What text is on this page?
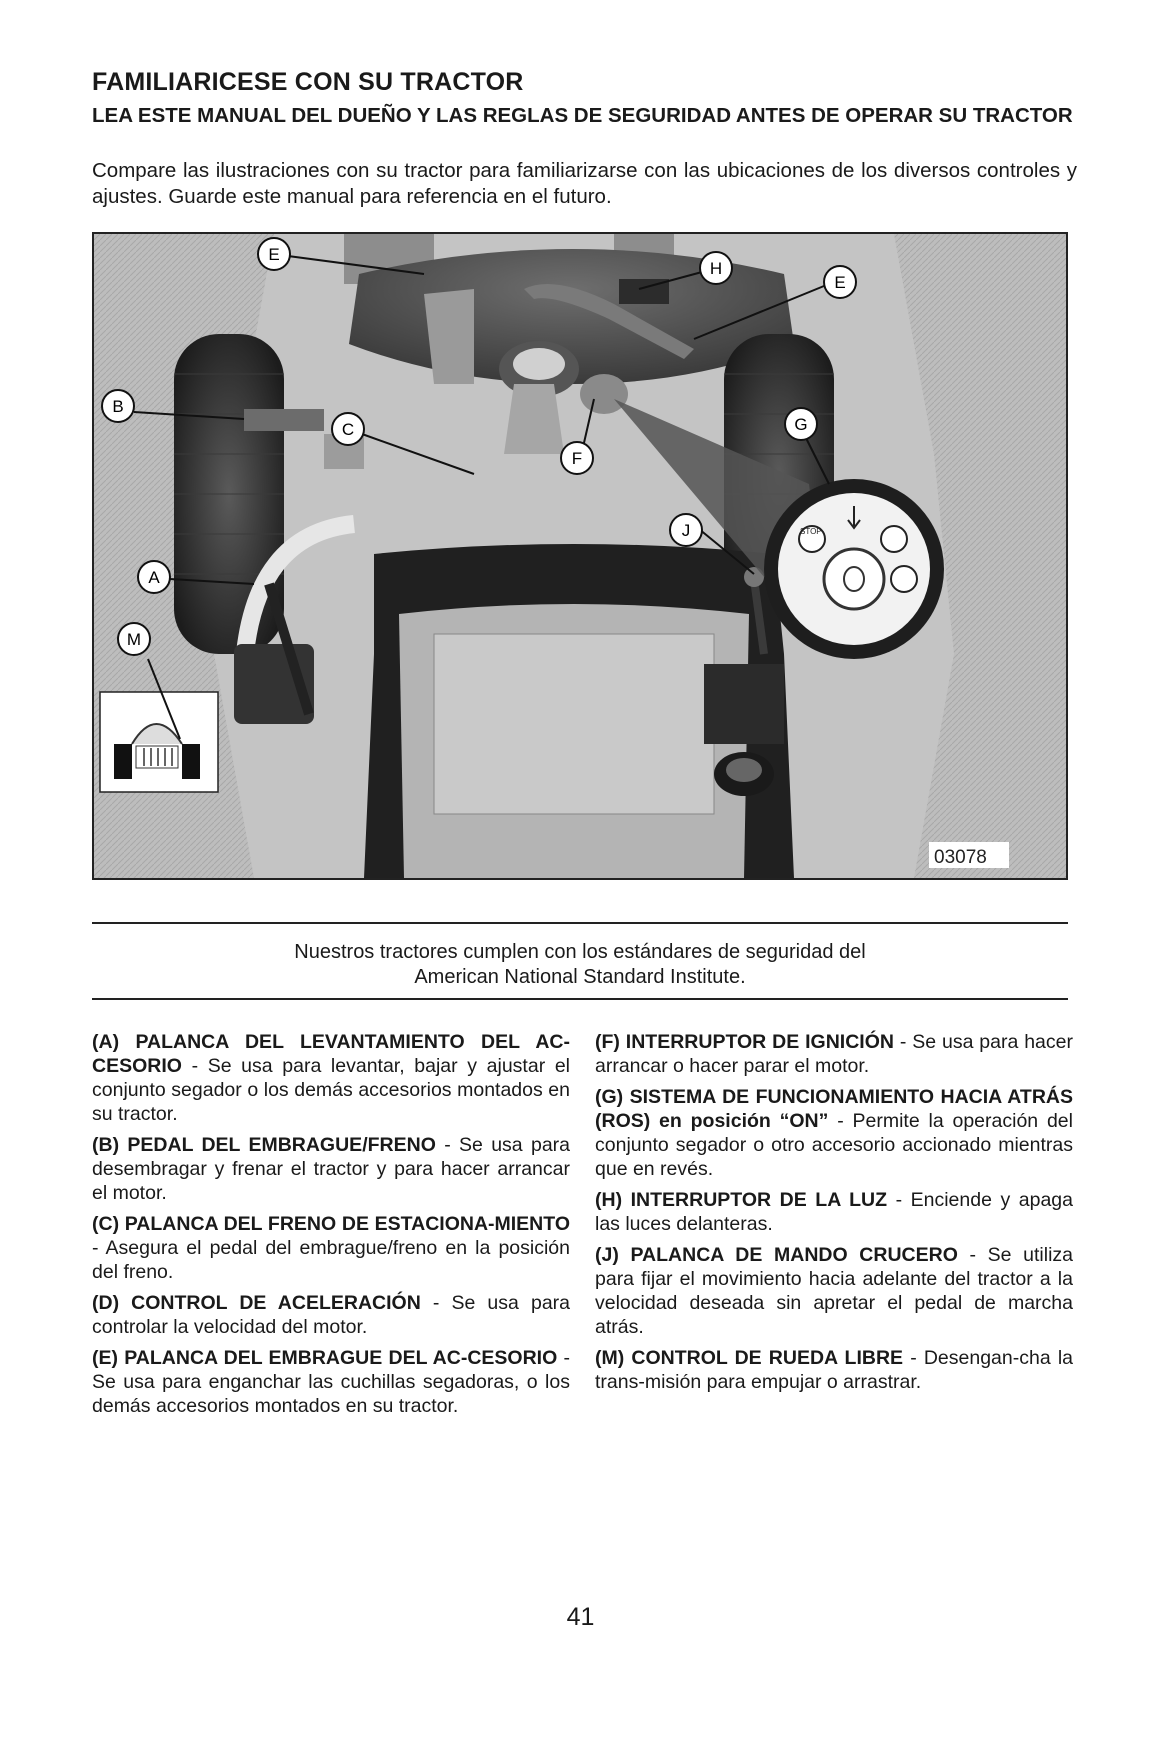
FAMILIARICESE CON SU TRACTOR
LEA ESTE MANUAL DEL DUEÑO Y LAS REGLAS DE SEGURIDAD ANTES DE OPERAR SU TRACTOR
Compare las ilustraciones con su tractor para familiarizarse con las ubicaciones de los diversos controles y ajustes. Guarde este manual para referencia en el futuro.
STOP
E
H
E
B
C	G
F
J
A
M
03078
Nuestros tractores cumplen con los estándares de seguridad del
American National Standard Institute.

(A) PALANCA DEL LEVANTAMIENTO DEL AC-CESORIO - Se usa para levantar, bajar y ajustar el conjunto segador o los demás accesorios montados en su tractor.

(B) PEDAL DEL EMBRAGUE/FRENO - Se usa para desembragar y frenar el tractor y para hacer arrancar el motor.

(C) PALANCA DEL FRENO DE ESTACIONA-MIENTO - Asegura el pedal del embrague/freno en la posición del freno.

(D) CONTROL DE ACELERACIÓN - Se usa para controlar la velocidad del motor.

(E) PALANCA DEL EMBRAGUE DEL AC-CESORIO - Se usa para enganchar las cuchillas segadoras, o los demás accesorios montados en su tractor.

(F) INTERRUPTOR DE IGNICIÓN - Se usa para hacer arrancar o hacer parar el motor.

(G) SISTEMA DE FUNCIONAMIENTO HACIA ATRÁS (ROS) en posición “ON” - Permite la operación del conjunto segador o otro accesorio accionado mientras que en revés.

(H) INTERRUPTOR DE LA LUZ - Enciende y apaga las luces delanteras.

(J) PALANCA DE MANDO CRUCERO - Se utiliza para fijar el movimiento hacia adelante del tractor a la velocidad deseada sin apretar el pedal de marcha atrás.

(M) CONTROL DE RUEDA LIBRE - Desengan-cha la trans-misión para empujar o arrastrar.

41
